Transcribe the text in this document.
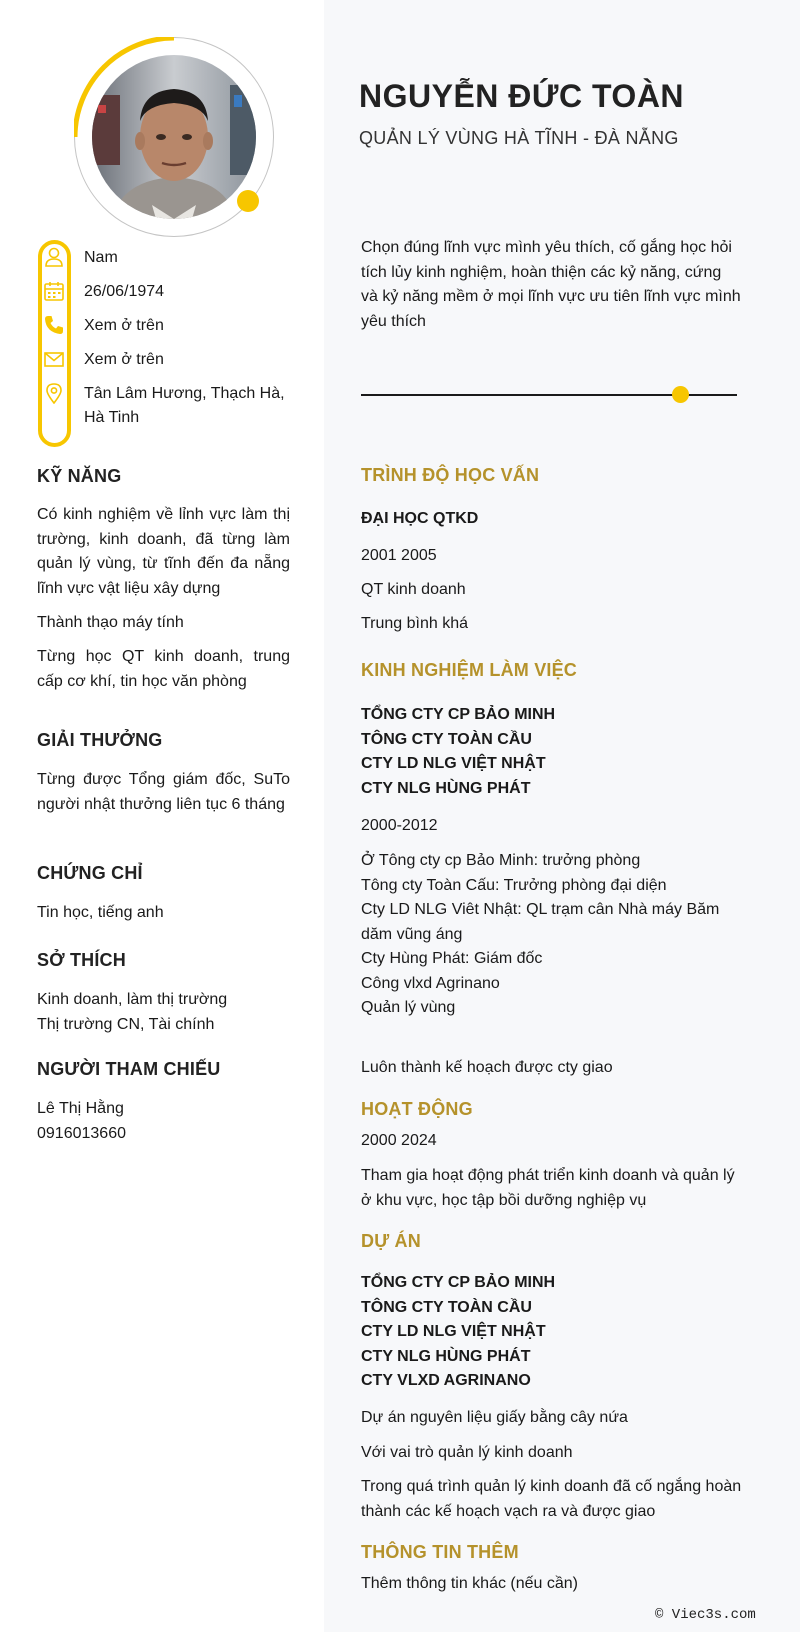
Nam
26/06/1974
Xem ở trên
Xem ở trên
Tân Lâm Hương, Thạch Hà,
Hà Tinh
KỸ NĂNG
Có kinh nghiệm về lỉnh vực làm thị trường, kinh doanh, đã từng làm quản lý vùng, từ tĩnh đến đa nẵng lĩnh vực vật liệu xây dựng
Thành thạo máy tính
Từng học QT kinh doanh, trung cấp cơ khí, tin học văn phòng
GIẢI THƯỞNG
Từng được Tổng giám đốc, SuTo người nhật thưởng liên tục 6 tháng
CHỨNG CHỈ
Tin học, tiếng anh
SỞ THÍCH
Kinh doanh, làm thị trường
Thị trường CN, Tài chính
NGƯỜI THAM CHIẾU
Lê Thị Hằng
0916013660
NGUYỄN ĐỨC TOÀN
QUẢN LÝ VÙNG HÀ TĨNH - ĐÀ NẴNG
Chọn đúng lĩnh vực mình yêu thích, cố gắng học hỏi tích lủy kinh nghiệm, hoàn thiện các kỷ năng, cứng và kỷ năng mềm ở mọi lĩnh vực ưu tiên lĩnh vực mình yêu thích
TRÌNH ĐỘ HỌC VẤN
ĐẠI HỌC QTKD
2001 2005
QT kinh doanh
Trung bình khá
KINH NGHIỆM LÀM VIỆC
TỔNG CTY CP BẢO MINH
TÔNG CTY TOÀN CẦU
CTY LD NLG VIỆT NHẬT
CTY NLG HÙNG PHÁT
2000-2012
Ở Tông cty cp Bảo Minh: trưởng phòng
Tông cty Toàn Cấu: Trưởng phòng đại diện
Cty LD NLG Viêt Nhật: QL trạm cân Nhà máy Băm dăm vũng áng
Cty Hùng Phát: Giám đốc
Công vlxd Agrinano
Quản lý vùng
Luôn thành kế hoạch được cty giao
HOẠT ĐỘNG
2000 2024
Tham gia hoạt động phát triển kinh doanh và quản lý ở khu vực, học tập bồi dưỡng nghiệp vụ
DỰ ÁN
TỔNG CTY CP BẢO MINH
TÔNG CTY TOÀN CẦU
CTY LD NLG VIỆT NHẬT
CTY NLG HÙNG PHÁT
CTY VLXD AGRINANO
Dự án nguyên liệu giấy bằng cây nứa
Với vai trò quản lý kinh doanh
Trong quá trình quản lý kinh doanh đã cố ngắng hoàn thành các kế hoạch vạch ra và được giao
THÔNG TIN THÊM
Thêm thông tin khác (nếu cần)
© Viec3s.com
